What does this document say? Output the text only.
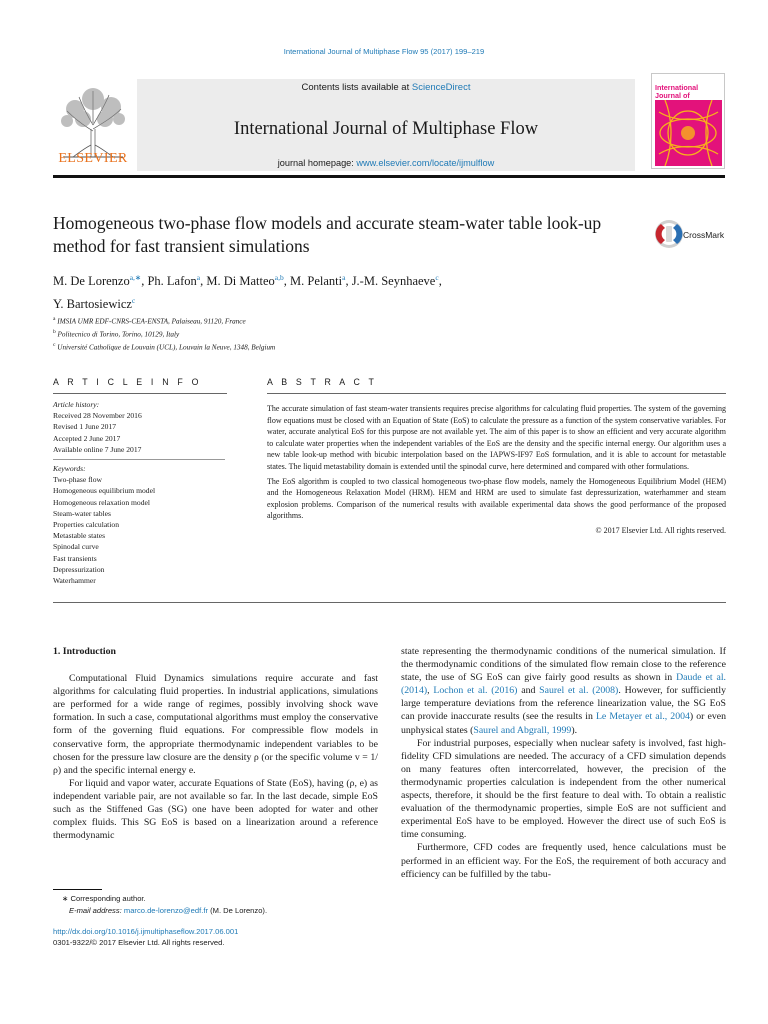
International Journal of Multiphase Flow 95 (2017) 199–219
ELSEVIER
Contents lists available at ScienceDirect
International Journal of Multiphase Flow
journal homepage: www.elsevier.com/locate/ijmulflow
International Journal of
Homogeneous two-phase flow models and accurate steam-water table look-up method for fast transient simulations
CrossMark
M. De Lorenzo$^{a,∗}$, Ph. Lafon$^a$, M. Di Matteo$^{a,b}$, M. Pelanti$^a$, J.-M. Seynhaeve$^c$,
Y. Bartosiewicz$^c$
$^a$ IMSIA UMR EDF-CNRS-CEA-ENSTA, Palaiseau, 91120, France
$^b$ Politecnico di Torino, Torino, 10129, Italy
$^c$ Université Catholique de Louvain (UCL), Louvain la Neuve, 1348, Belgium
A R T I C L E I N F O	A B S T R A C T
Article history:
Received 28 November 2016
Revised 1 June 2017
Accepted 2 June 2017
Available online 7 June 2017
Keywords:
Two-phase flow
Homogeneous equilibrium model
Homogeneous relaxation model
Steam-water tables
Properties calculation
Metastable states
Spinodal curve
Fast transients
Depressurization
Waterhammer

The accurate simulation of fast steam-water transients requires precise algorithms for calculating fluid properties. The system of the governing flow equations must be closed with an Equation of State (EoS) to calculate the pressure as a function of the system conservative variables. For water, accurate analytical EoS for this purpose are not available yet. The aim of this paper is to show an efficient and very accurate algorithm to calculate water properties when the independent variables of the EoS are the density and the specific internal energy. Our algorithm uses a new table look-up method with bicubic interpolation based on the IAPWS-IF97 EoS formulation, and it is able to account for metastable states. The liquid metastability domain is extended until the spinodal curve, here determined and compared with other formulations.

The EoS algorithm is coupled to two classical homogeneous two-phase flow models, namely the Homogeneous Equilibrium Model (HEM) and the Homogeneous Relaxation Model (HRM). HEM and HRM are used to simulate fast depressurization, waterhammer and steam explosion problems. Comparison of the numerical results with available experimental data shows the good performance of the proposed algorithms.

© 2017 Elsevier Ltd. All rights reserved.

1. Introduction

Computational Fluid Dynamics simulations require accurate and fast algorithms for calculating fluid properties. In industrial applications, simulations are performed for a wide range of regimes, possibly involving shock wave formation. In such a case, computational algorithms must employ the conservative form of the governing fluid equations. For compressible flow models in conservative form, the appropriate thermodynamic independent variables to be chosen for the pressure law closure are the density ρ (or the specific volume v = 1/ρ) and the specific internal energy e.

For liquid and vapor water, accurate Equations of State (EoS), having (ρ, e) as independent variable pair, are not available so far. In the last decade, simple EoS such as the Stiffened Gas (SG) one have been adopted for water and other complex fluids. This SG EoS is based on a linearization around a reference thermodynamic

state representing the thermodynamic conditions of the numerical simulation. If the thermodynamic conditions of the simulated flow remain close to the reference state, the use of SG EoS can give fairly good results as shown in Daude et al. (2014), Lochon et al. (2016) and Saurel et al. (2008). However, for sufficiently large temperature deviations from the reference linearization value, the SG EoS can provide inaccurate results (see the results in Le Metayer et al., 2004) or even unphysical states (Saurel and Abgrall, 1999).

For industrial purposes, especially when nuclear safety is involved, fast high-fidelity CFD simulations are needed. The accuracy of a CFD simulation depends on many features often intercorrelated, however, the precision of the thermodynamic properties calculation is independent from the other numerical aspects, therefore, it should be the first feature to deal with. To obtain a realistic evaluation of the thermodynamic properties, simple EoS are not sufficient and experimental EoS have to be employed. However the direct use of such EoS is time consuming.

Furthermore, CFD codes are frequently used, hence calculations must be performed in an efficient way. For the EoS, the requirement of both accuracy and efficiency can be fulfilled by the tabu-

∗ Corresponding author.
E-mail address: marco.de-lorenzo@edf.fr (M. De Lorenzo).
http://dx.doi.org/10.1016/j.ijmultiphaseflow.2017.06.001
0301-9322/© 2017 Elsevier Ltd. All rights reserved.
